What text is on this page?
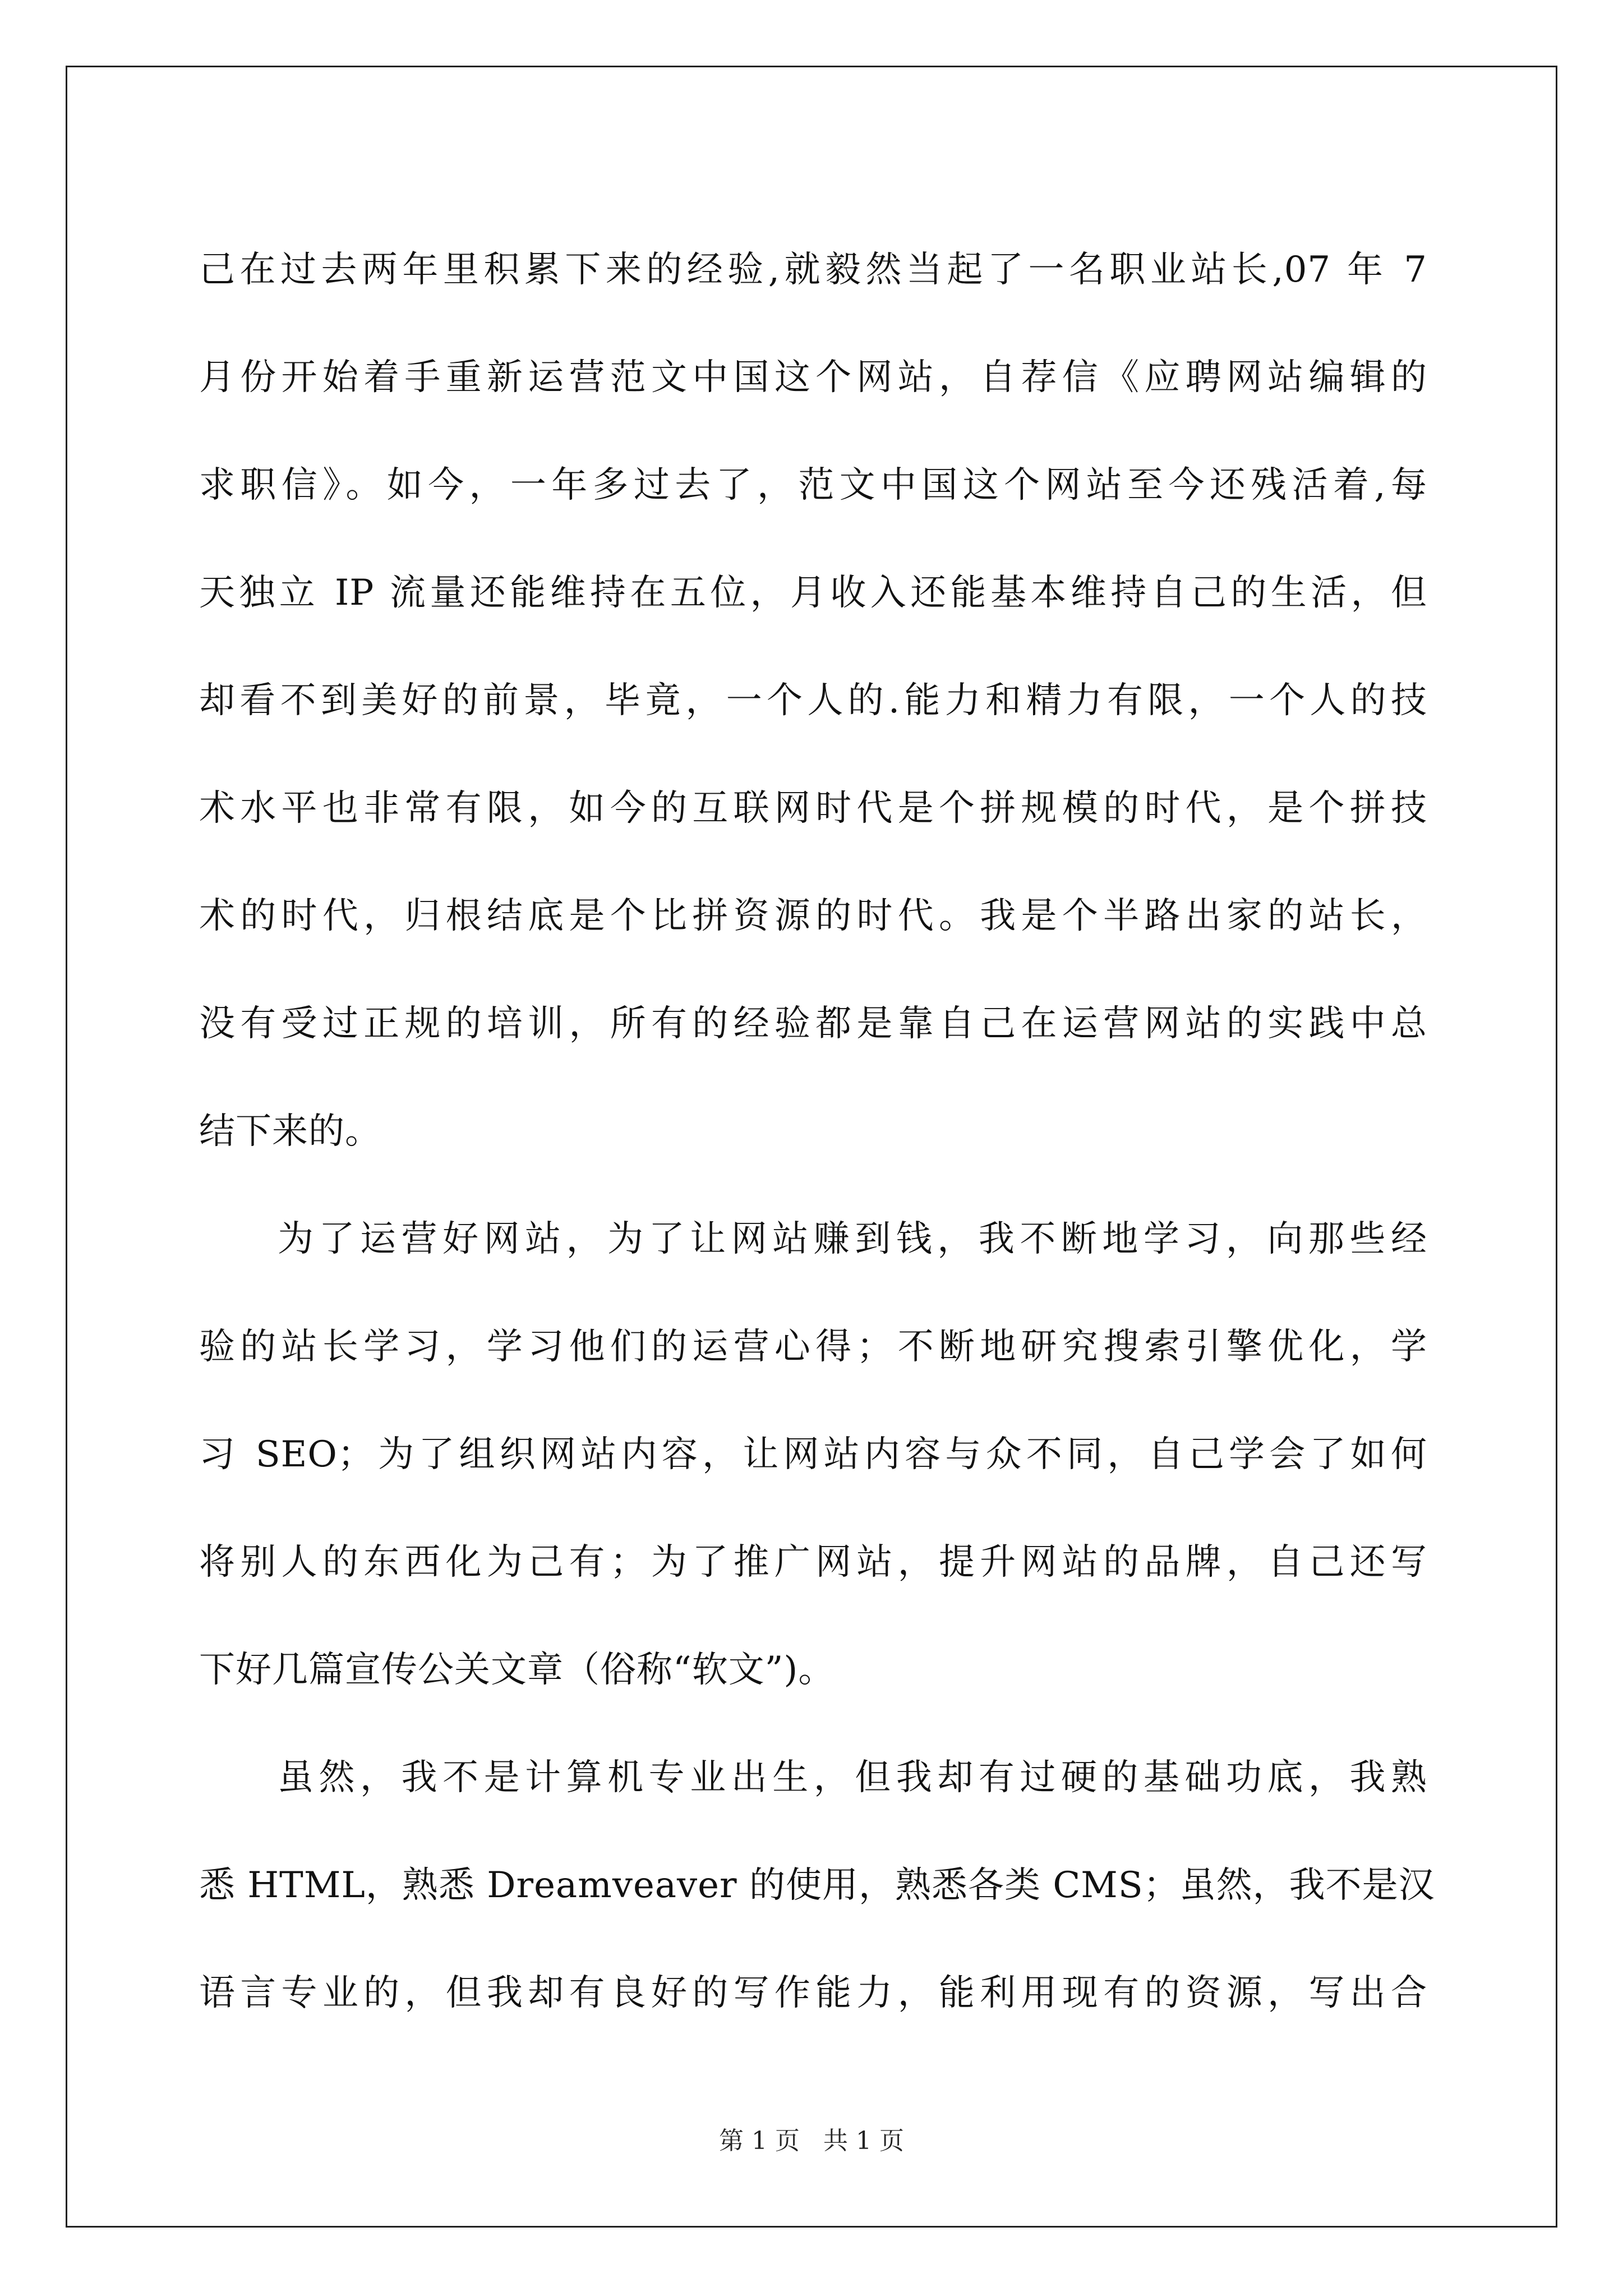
己在过去两年里积累下来的经验,就毅然当起了一名职业站长,07 年 7
月份开始着手重新运营范文中国这个网站，自荐信《应聘网站编辑的
求职信》。如今，一年多过去了，范文中国这个网站至今还残活着,每
天独立 IP 流量还能维持在五位，月收入还能基本维持自己的生活，但
却看不到美好的前景，毕竟，一个人的.能力和精力有限，一个人的技
术水平也非常有限，如今的互联网时代是个拼规模的时代，是个拼技
术的时代，归根结底是个比拼资源的时代。我是个半路出家的站长，
没有受过正规的培训，所有的经验都是靠自己在运营网站的实践中总
结下来的。
为了运营好网站，为了让网站赚到钱，我不断地学习，向那些经
验的站长学习，学习他们的运营心得；不断地研究搜索引擎优化，学
习 SEO；为了组织网站内容，让网站内容与众不同，自己学会了如何
将别人的东西化为己有；为了推广网站，提升网站的品牌，自己还写
下好几篇宣传公关文章（俗称“软文”)。
虽然，我不是计算机专业出生，但我却有过硬的基础功底，我熟
悉 HTML，熟悉 Dreamveaver 的使用，熟悉各类 CMS；虽然，我不是汉
语言专业的，但我却有良好的写作能力，能利用现有的资源，写出合
第 1 页 共 1 页
